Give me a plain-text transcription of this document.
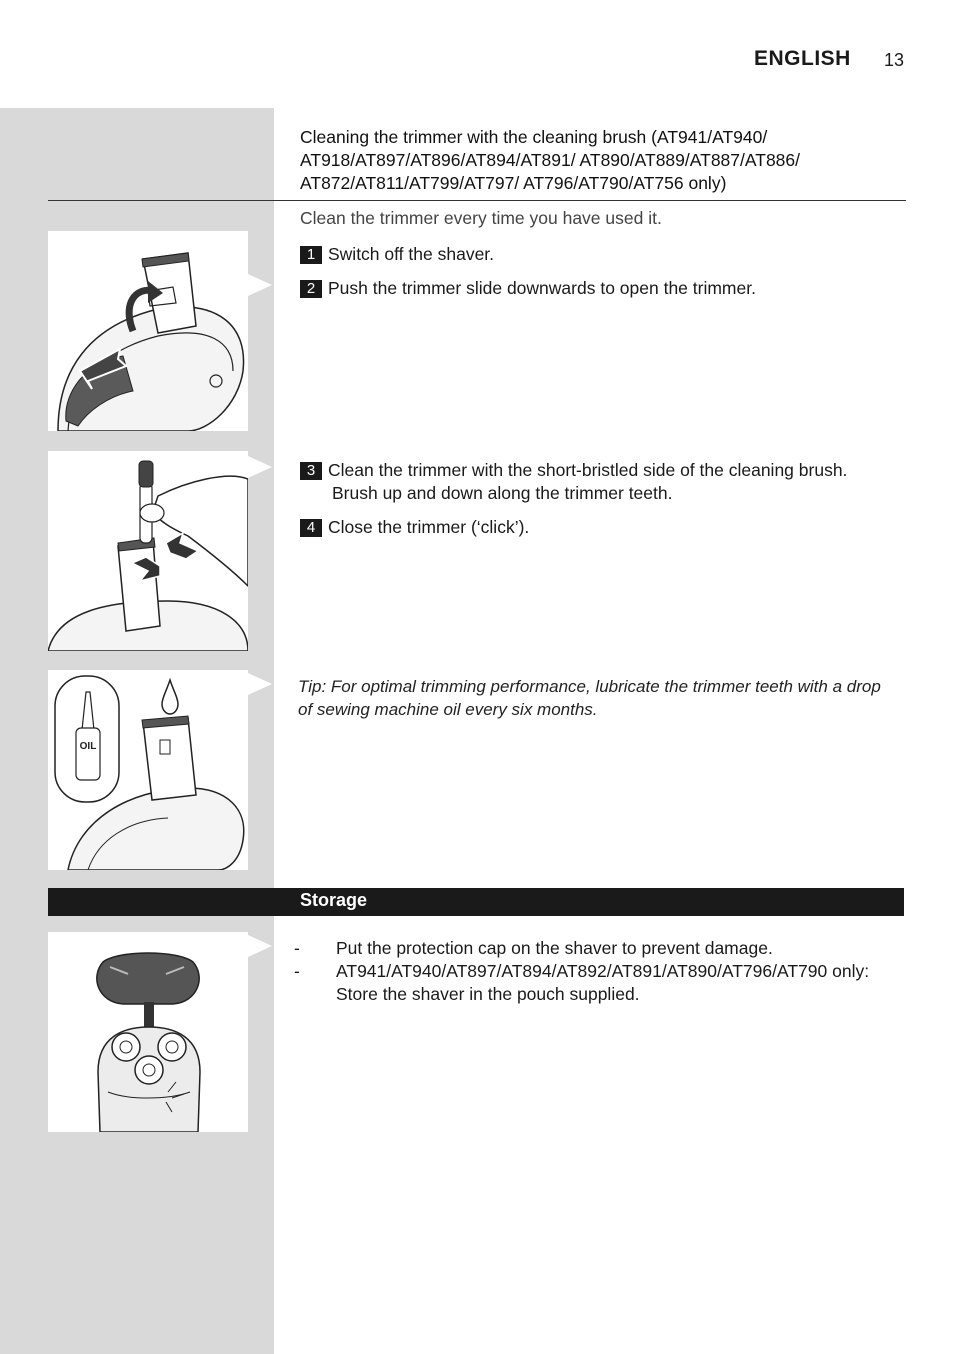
ENGLISH 13
Cleaning the trimmer with the cleaning brush (AT941/AT940/ AT918/AT897/AT896/AT894/AT891/ AT890/AT889/AT887/AT886/ AT872/AT811/AT799/AT797/ AT796/AT790/AT756 only)
OIL
Clean the trimmer every time you have used it.
1 Switch off the shaver.
2 Push the trimmer slide downwards to open the trimmer.
3 Clean the trimmer with the short-bristled side of the cleaning brush.
Brush up and down along the trimmer teeth.
4 Close the trimmer (‘click’).
Tip: For optimal trimming performance, lubricate the trimmer teeth with a drop of sewing machine oil every six months.
Storage
-	Put the protection cap on the shaver to prevent damage.
-	AT941/AT940/AT897/AT894/AT892/AT891/AT890/AT796/AT790 only: Store the shaver in the pouch supplied.
